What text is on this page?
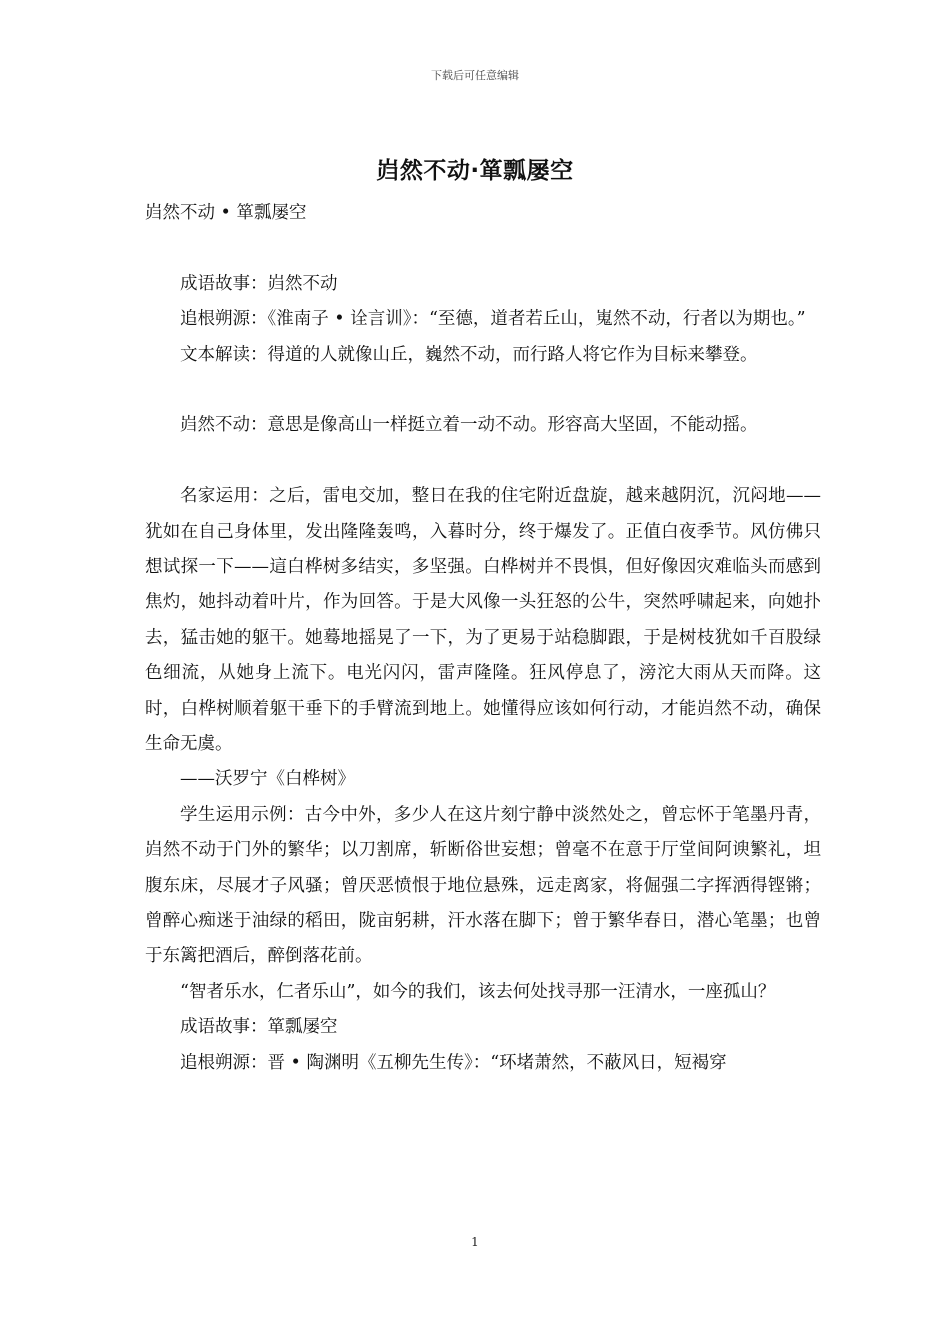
下载后可任意编辑
岿然不动·箪瓢屡空

岿然不动 • 箪瓢屡空

成语故事：岿然不动

追根朔源：《淮南子 • 诠言训》：“至德，道者若丘山，嵬然不动，行者以为期也。”

文本解读：得道的人就像山丘，巍然不动，而行路人将它作为目标来攀登。

岿然不动：意思是像高山一样挺立着一动不动。形容高大坚固，不能动摇。

名家运用：之后，雷电交加，整日在我的住宅附近盘旋，越来越阴沉，沉闷地——犹如在自己身体里，发出隆隆轰鸣，入暮时分，终于爆发了。正值白夜季节。风仿佛只想试探一下——這白桦树多结实，多坚强。白桦树并不畏惧，但好像因灾难临头而感到焦灼，她抖动着叶片，作为回答。于是大风像一头狂怒的公牛，突然呼啸起来，向她扑去，猛击她的躯干。她蓦地摇晃了一下，为了更易于站稳脚跟，于是树枝犹如千百股绿色细流，从她身上流下。电光闪闪，雷声隆隆。狂风停息了，滂沱大雨从天而降。这时，白桦树顺着躯干垂下的手臂流到地上。她懂得应该如何行动，才能岿然不动，确保生命无虞。

——沃罗宁《白桦树》

学生运用示例：古今中外，多少人在这片刻宁静中淡然处之，曾忘怀于笔墨丹青，岿然不动于门外的繁华；以刀割席，斩断俗世妄想；曾毫不在意于厅堂间阿谀繁礼，坦腹东床，尽展才子风骚；曾厌恶愤恨于地位悬殊，远走离家，将倔强二字挥洒得铿锵；曾醉心痴迷于油绿的稻田，陇亩躬耕，汗水落在脚下；曾于繁华春日，潜心笔墨；也曾于东篱把酒后，醉倒落花前。

“智者乐水，仁者乐山”，如今的我们，该去何处找寻那一汪清水，一座孤山？

成语故事：箪瓢屡空

追根朔源：晋 • 陶渊明《五柳先生传》：“环堵萧然，不蔽风日，短褐穿

1
